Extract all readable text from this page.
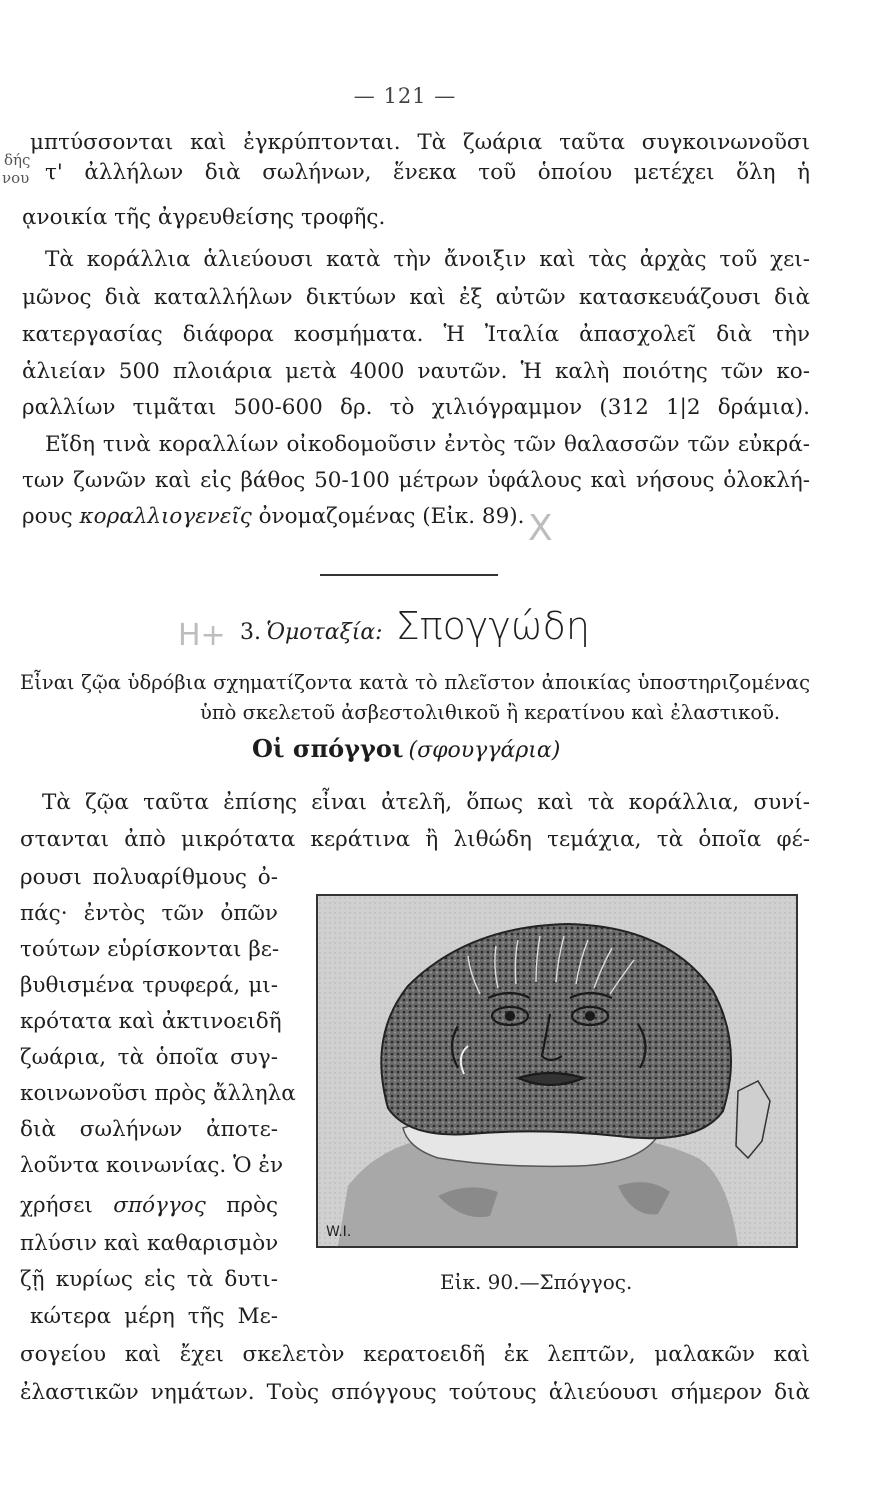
— 121 —
δής
νου
μπτύσσονται καὶ ἐγκρύπτονται. Τὰ ζωάρια ταῦτα συγκοινωνοῦσι
τ' ἀλλήλων διὰ σωλήνων, ἕνεκα τοῦ ὁποίου μετέχει ὅλη ἡ
ᾳνοικία τῆς ἀγρευθείσης τροφῆς.
Τὰ κοράλλια ἁλιεύουσι κατὰ τὴν ἄνοιξιν καὶ τὰς ἀρχὰς τοῦ χει-
μῶνος διὰ καταλλήλων δικτύων καὶ ἐξ αὐτῶν κατασκευάζουσι διὰ
κατεργασίας διάφορα κοσμήματα. Ἡ Ἰταλία ἀπασχολεῖ διὰ τὴν
ἁλιείαν 500 πλοιάρια μετὰ 4000 ναυτῶν. Ἡ καλὴ ποιότης τῶν κο-
ραλλίων τιμᾶται 500-600 δρ. τὸ χιλιόγραμμον (312 1|2 δράμια).
Εἴδη τινὰ κοραλλίων οἰκοδομοῦσιν ἐντὸς τῶν θαλασσῶν τῶν εὐκρά-
των ζωνῶν καὶ εἰς βάθος 50-100 μέτρων ὑφάλους καὶ νήσους ὁλοκλή-
ρους κοραλλιογενεῖς ὀνομαζομένας (Εἰκ. 89). X
H+ 3. Ὁμοταξία: Σπογγώδη
Εἶναι ζῷα ὑδρόβια σχηματίζοντα κατὰ τὸ πλεῖστον ἀποικίας ὑποστηριζομένας
ὑπὸ σκελετοῦ ἀσβεστολιθικοῦ ἢ κερατίνου καὶ ἐλαστικοῦ.
Οἱ σπόγγοι (σφουγγάρια)
Τὰ ζῷα ταῦτα ἐπίσης εἶναι ἀτελῆ, ὅπως καὶ τὰ κοράλλια, συνί-
στανται ἀπὸ μικρότατα κεράτινα ἢ λιθώδη τεμάχια, τὰ ὁποῖα φέ-
ρουσι πολυαρίθμους ὀ-
πάς· ἐντὸς τῶν ὀπῶν
τούτων εὑρίσκονται βε-
βυθισμένα τρυφερά, μι-
κρότατα καὶ ἀκτινοειδῆ
ζωάρια, τὰ ὁποῖα συγ-
κοινωνοῦσι πρὸς ἄλληλα
διὰ σωλήνων ἀποτε-
λοῦντα κοινωνίας. Ὁ ἐν
χρήσει σπόγγος πρὸς
πλύσιν καὶ καθαρισμὸν
ζῇ κυρίως εἰς τὰ δυτι-
κώτερα μέρη τῆς Με-
σογείου καὶ ἔχει σκελετὸν κερατοειδῆ ἐκ λεπτῶν, μαλακῶν καὶ
ἐλαστικῶν νημάτων. Τοὺς σπόγγους τούτους ἁλιεύουσι σήμερον διὰ
W.I.
Εἰκ. 90.—Σπόγγος.
